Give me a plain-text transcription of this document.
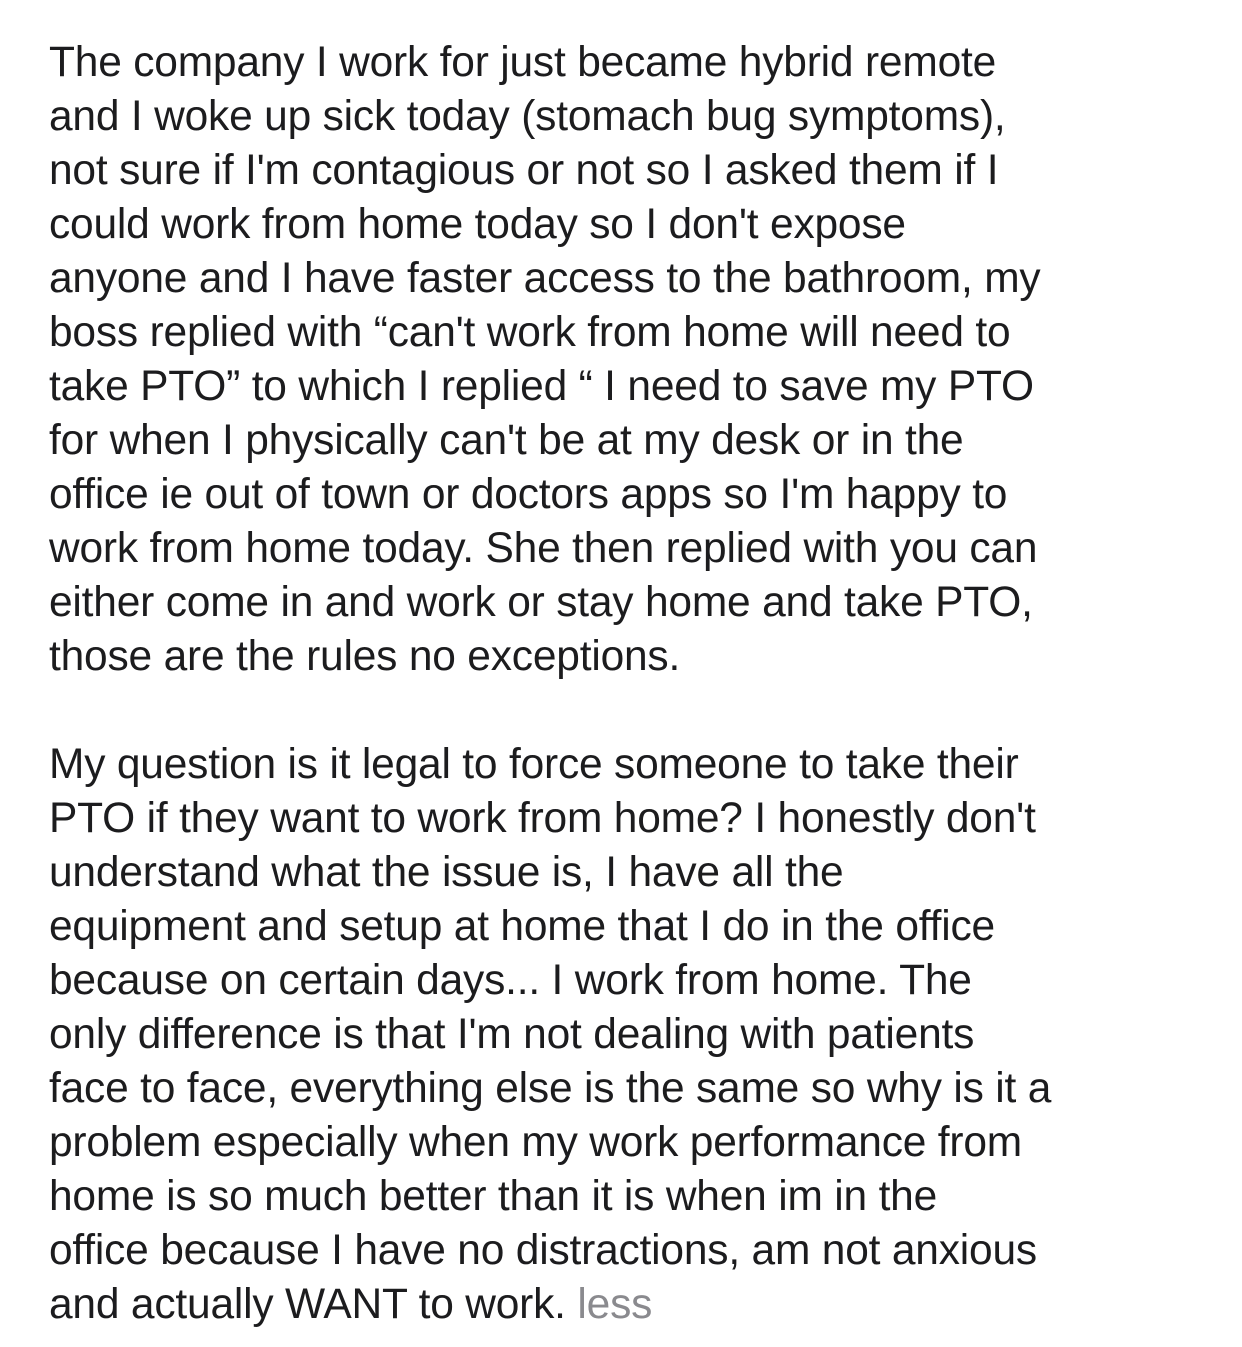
The company I work for just became hybrid remote
and I woke up sick today (stomach bug symptoms),
not sure if I'm contagious or not so I asked them if I
could work from home today so I don't expose
anyone and I have faster access to the bathroom, my
boss replied with “can't work from home will need to
take PTO” to which I replied “ I need to save my PTO
for when I physically can't be at my desk or in the
office ie out of town or doctors apps so I'm happy to
work from home today. She then replied with you can
either come in and work or stay home and take PTO,
those are the rules no exceptions.

My question is it legal to force someone to take their
PTO if they want to work from home? I honestly don't
understand what the issue is, I have all the
equipment and setup at home that I do in the office
because on certain days... I work from home. The
only difference is that I'm not dealing with patients
face to face, everything else is the same so why is it a
problem especially when my work performance from
home is so much better than it is when im in the
office because I have no distractions, am not anxious
and actually WANT to work. less
